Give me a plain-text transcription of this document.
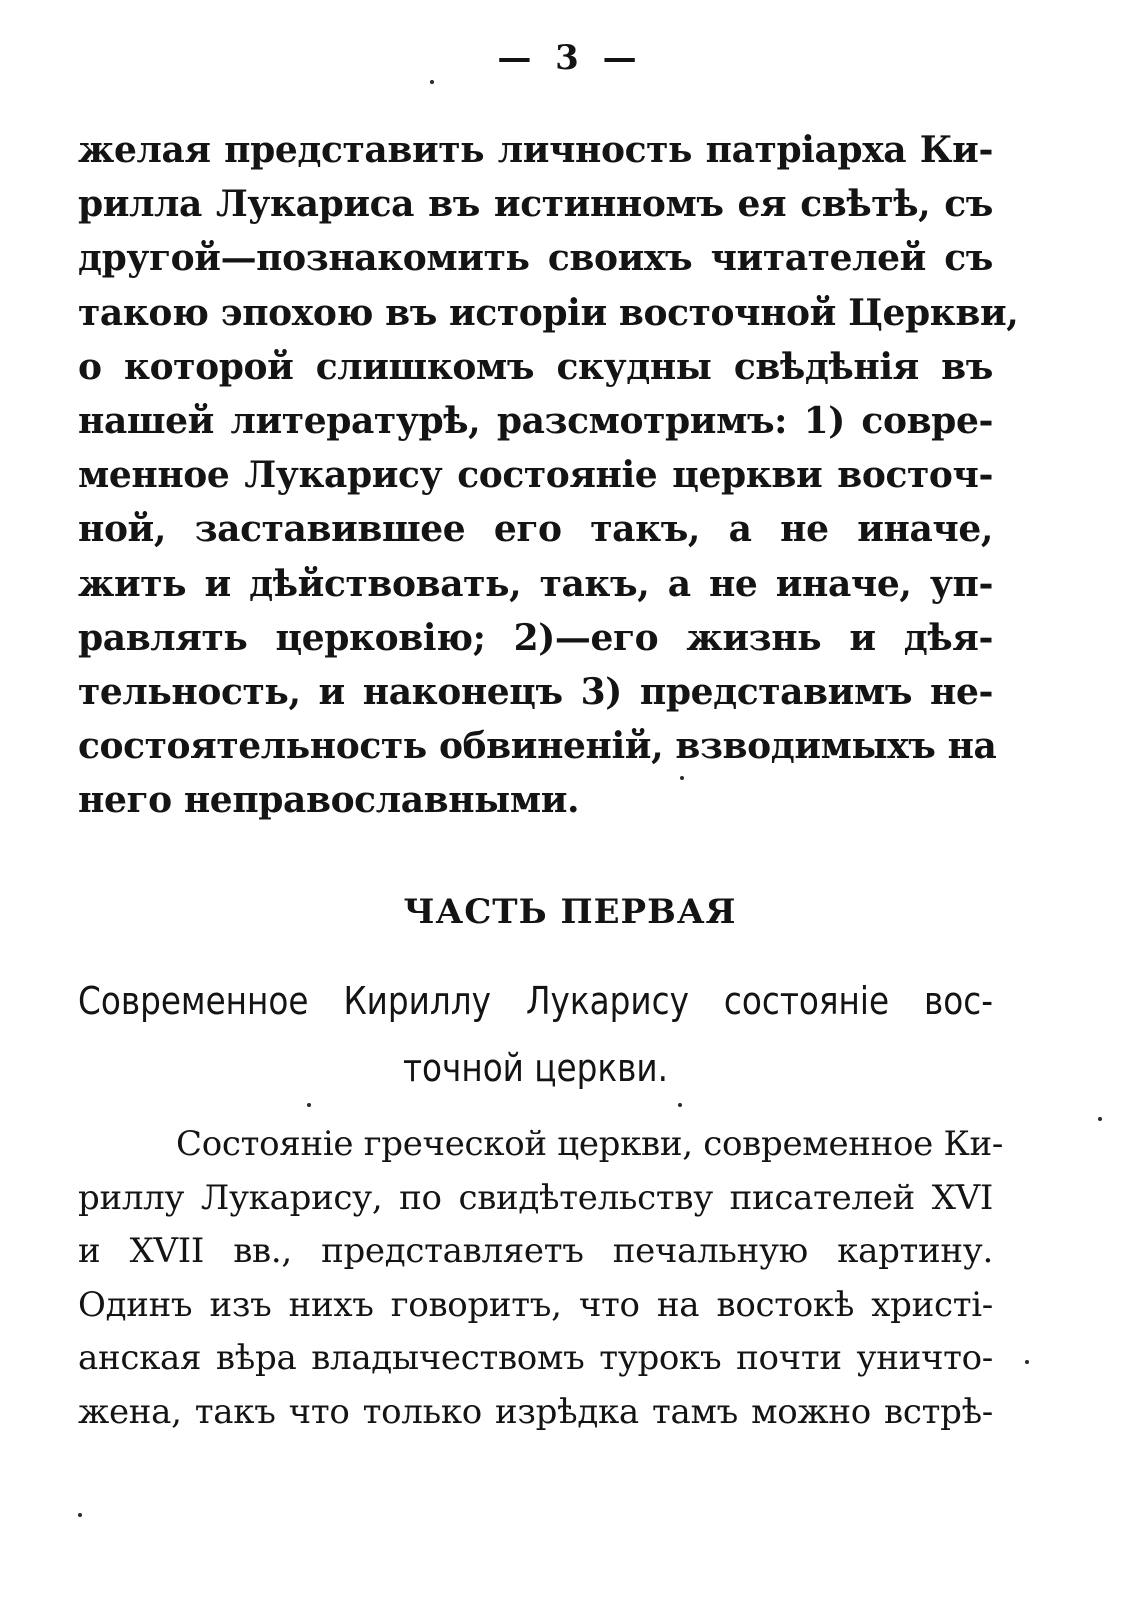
— 3 —
желая представить личность патріарха Ки-
рилла Лукариса въ истинномъ ея свѣтѣ, съ
другой—познакомить своихъ читателей съ
такою эпохою въ исторіи восточной Церкви,
о которой слишкомъ скудны свѣдѣнія въ
нашей литературѣ, разсмотримъ: 1) совре-
менное Лукарису состояніе церкви восточ-
ной, заставившее его такъ, а не иначе,
жить и дѣйствовать, такъ, а не иначе, уп-
равлять церковію; 2)—его жизнь и дѣя-
тельность, и наконецъ 3) представимъ не-
состоятельность обвиненій, взводимыхъ на
него неправославными.
ЧАСТЬ ПЕРВАЯ
Современное Кириллу Лукарису состояніе вос-
точной церкви.
Состояніе греческой церкви, современное Ки-
риллу Лукарису, по свидѣтельству писателей XVI
и XVII вв., представляетъ печальную картину.
Одинъ изъ нихъ говоритъ, что на востокѣ христі-
анская вѣра владычествомъ турокъ почти уничто-
жена, такъ что только изрѣдка тамъ можно встрѣ-
